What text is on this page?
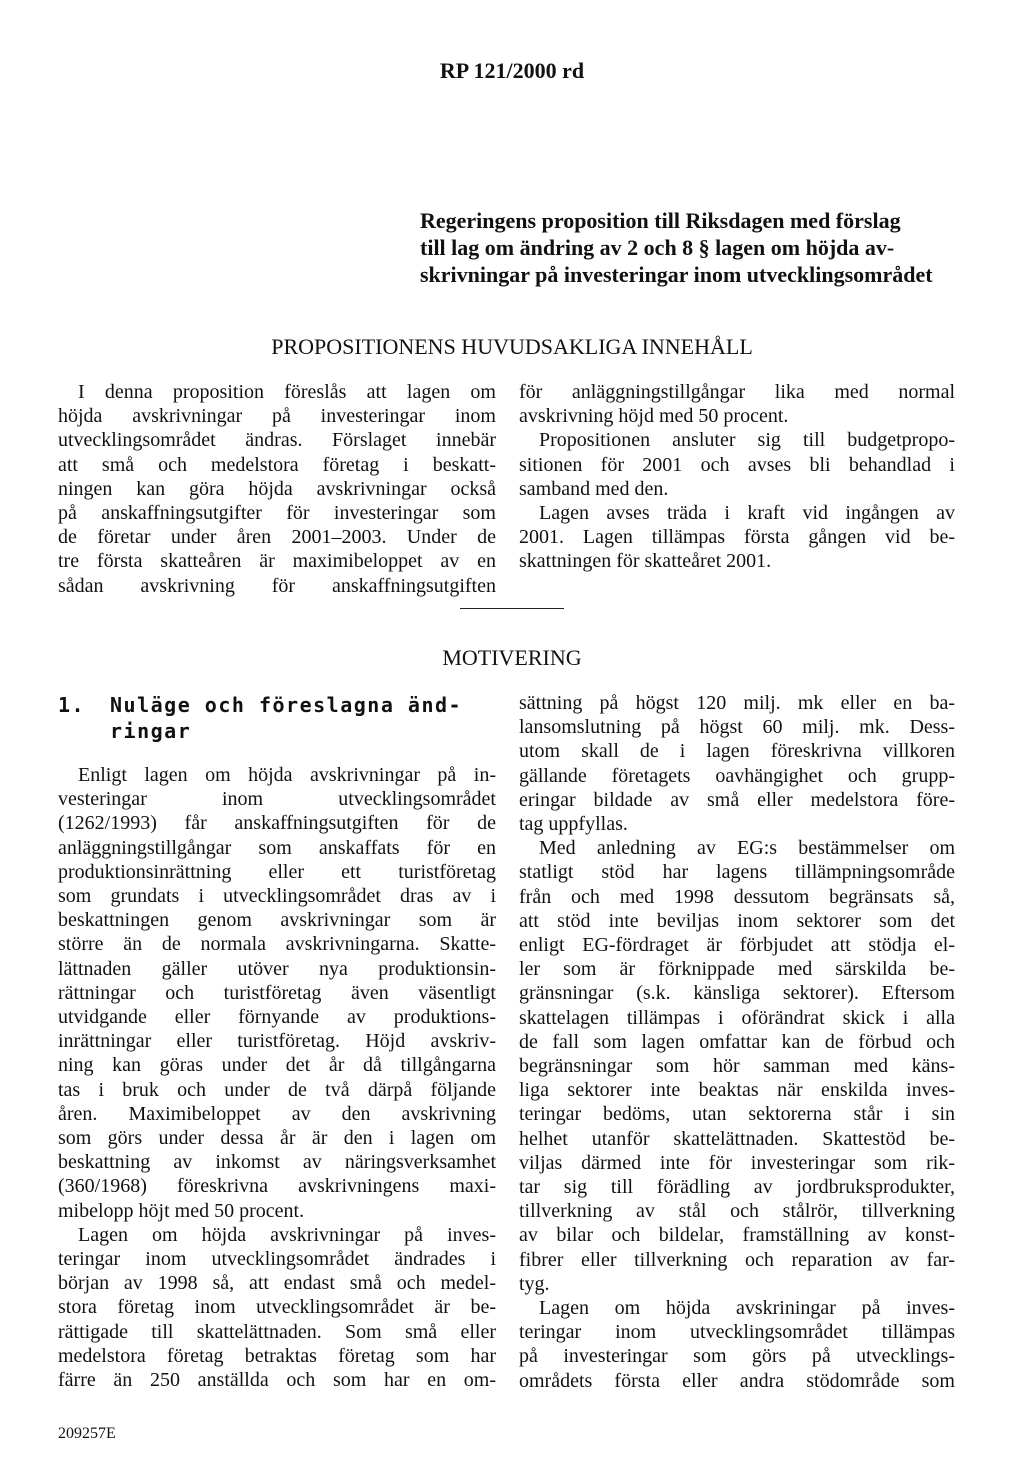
RP 121/2000 rd
Regeringens proposition till Riksdagen med förslag
till lag om ändring av 2 och 8 § lagen om höjda av-
skrivningar på investeringar inom utvecklingsområdet
PROPOSITIONENS HUVUDSAKLIGA INNEHÅLL

I denna proposition föreslås att lagen om

höjda avskrivningar på investeringar inom

utvecklingsområdet ändras. Förslaget innebär

att små och medelstora företag i beskatt-

ningen kan göra höjda avskrivningar också

på anskaffningsutgifter för investeringar som

de företar under åren 2001–2003. Under de

tre första skatteåren är maximibeloppet av en

sådan avskrivning för anskaffningsutgiften

för anläggningstillgångar lika med normal

avskrivning höjd med 50 procent.

Propositionen ansluter sig till budgetpropo-

sitionen för 2001 och avses bli behandlad i

samband med den.

Lagen avses träda i kraft vid ingången av

2001. Lagen tillämpas första gången vid be-

skattningen för skatteåret 2001.

MOTIVERING
1. Nuläge och föreslagna änd-ringar

Enligt lagen om höjda avskrivningar på in-

vesteringar inom utvecklingsområdet

(1262/1993) får anskaffningsutgiften för de

anläggningstillgångar som anskaffats för en

produktionsinrättning eller ett turistföretag

som grundats i utvecklingsområdet dras av i

beskattningen genom avskrivningar som är

större än de normala avskrivningarna. Skatte-

lättnaden gäller utöver nya produktionsin-

rättningar och turistföretag även väsentligt

utvidgande eller förnyande av produktions-

inrättningar eller turistföretag. Höjd avskriv-

ning kan göras under det år då tillgångarna

tas i bruk och under de två därpå följande

åren. Maximibeloppet av den avskrivning

som görs under dessa år är den i lagen om

beskattning av inkomst av näringsverksamhet

(360/1968) föreskrivna avskrivningens maxi-

mibelopp höjt med 50 procent.

Lagen om höjda avskrivningar på inves-

teringar inom utvecklingsområdet ändrades i

början av 1998 så, att endast små och medel-

stora företag inom utvecklingsområdet är be-

rättigade till skattelättnaden. Som små eller

medelstora företag betraktas företag som har

färre än 250 anställda och som har en om-

sättning på högst 120 milj. mk eller en ba-

lansomslutning på högst 60 milj. mk. Dess-

utom skall de i lagen föreskrivna villkoren

gällande företagets oavhängighet och grupp-

eringar bildade av små eller medelstora före-

tag uppfyllas.

Med anledning av EG:s bestämmelser om

statligt stöd har lagens tillämpningsområde

från och med 1998 dessutom begränsats så,

att stöd inte beviljas inom sektorer som det

enligt EG-fördraget är förbjudet att stödja el-

ler som är förknippade med särskilda be-

gränsningar (s.k. känsliga sektorer). Eftersom

skattelagen tillämpas i oförändrat skick i alla

de fall som lagen omfattar kan de förbud och

begränsningar som hör samman med käns-

liga sektorer inte beaktas när enskilda inves-

teringar bedöms, utan sektorerna står i sin

helhet utanför skattelättnaden. Skattestöd be-

viljas därmed inte för investeringar som rik-

tar sig till förädling av jordbruksprodukter,

tillverkning av stål och stålrör, tillverkning

av bilar och bildelar, framställning av konst-

fibrer eller tillverkning och reparation av far-

tyg.

Lagen om höjda avskriningar på inves-

teringar inom utvecklingsområdet tillämpas

på investeringar som görs på utvecklings-

områdets första eller andra stödområde som

209257E
